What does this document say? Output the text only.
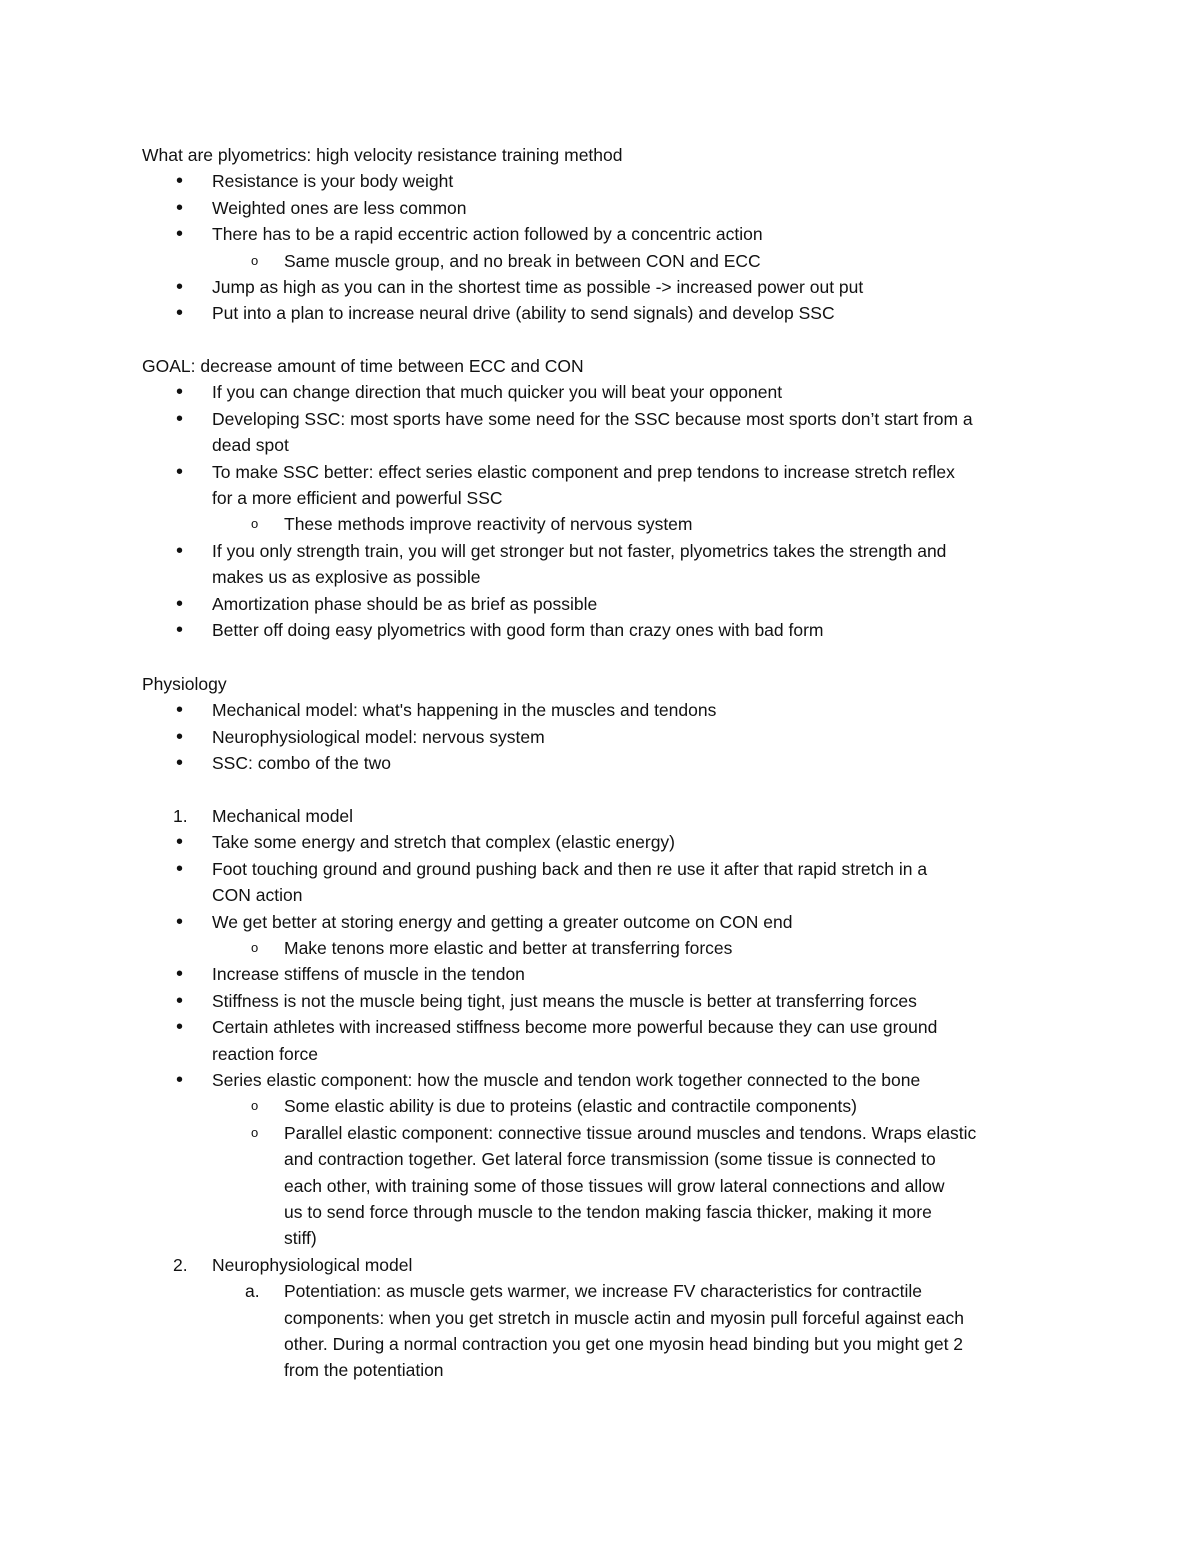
What are plyometrics: high velocity resistance training method
• Resistance is your body weight
• Weighted ones are less common
• There has to be a rapid eccentric action followed by a concentric action
o Same muscle group, and no break in between CON and ECC
• Jump as high as you can in the shortest time as possible -> increased power out put
• Put into a plan to increase neural drive (ability to send signals) and develop SSC
GOAL: decrease amount of time between ECC and CON
• If you can change direction that much quicker you will beat your opponent
• Developing SSC: most sports have some need for the SSC because most sports don’t start from a
dead spot
• To make SSC better: effect series elastic component and prep tendons to increase stretch reflex
for a more efficient and powerful SSC
o These methods improve reactivity of nervous system
• If you only strength train, you will get stronger but not faster, plyometrics takes the strength and
makes us as explosive as possible
• Amortization phase should be as brief as possible
• Better off doing easy plyometrics with good form than crazy ones with bad form
Physiology
• Mechanical model: what's happening in the muscles and tendons
• Neurophysiological model: nervous system
• SSC: combo of the two
1. Mechanical model
• Take some energy and stretch that complex (elastic energy)
• Foot touching ground and ground pushing back and then re use it after that rapid stretch in a
CON action
• We get better at storing energy and getting a greater outcome on CON end
o Make tenons more elastic and better at transferring forces
• Increase stiffens of muscle in the tendon
• Stiffness is not the muscle being tight, just means the muscle is better at transferring forces
• Certain athletes with increased stiffness become more powerful because they can use ground
reaction force
• Series elastic component: how the muscle and tendon work together connected to the bone
o Some elastic ability is due to proteins (elastic and contractile components)
o Parallel elastic component: connective tissue around muscles and tendons. Wraps elastic
and contraction together. Get lateral force transmission (some tissue is connected to
each other, with training some of those tissues will grow lateral connections and allow
us to send force through muscle to the tendon making fascia thicker, making it more
stiff)
2. Neurophysiological model
a. Potentiation: as muscle gets warmer, we increase FV characteristics for contractile
components: when you get stretch in muscle actin and myosin pull forceful against each
other. During a normal contraction you get one myosin head binding but you might get 2
from the potentiation
